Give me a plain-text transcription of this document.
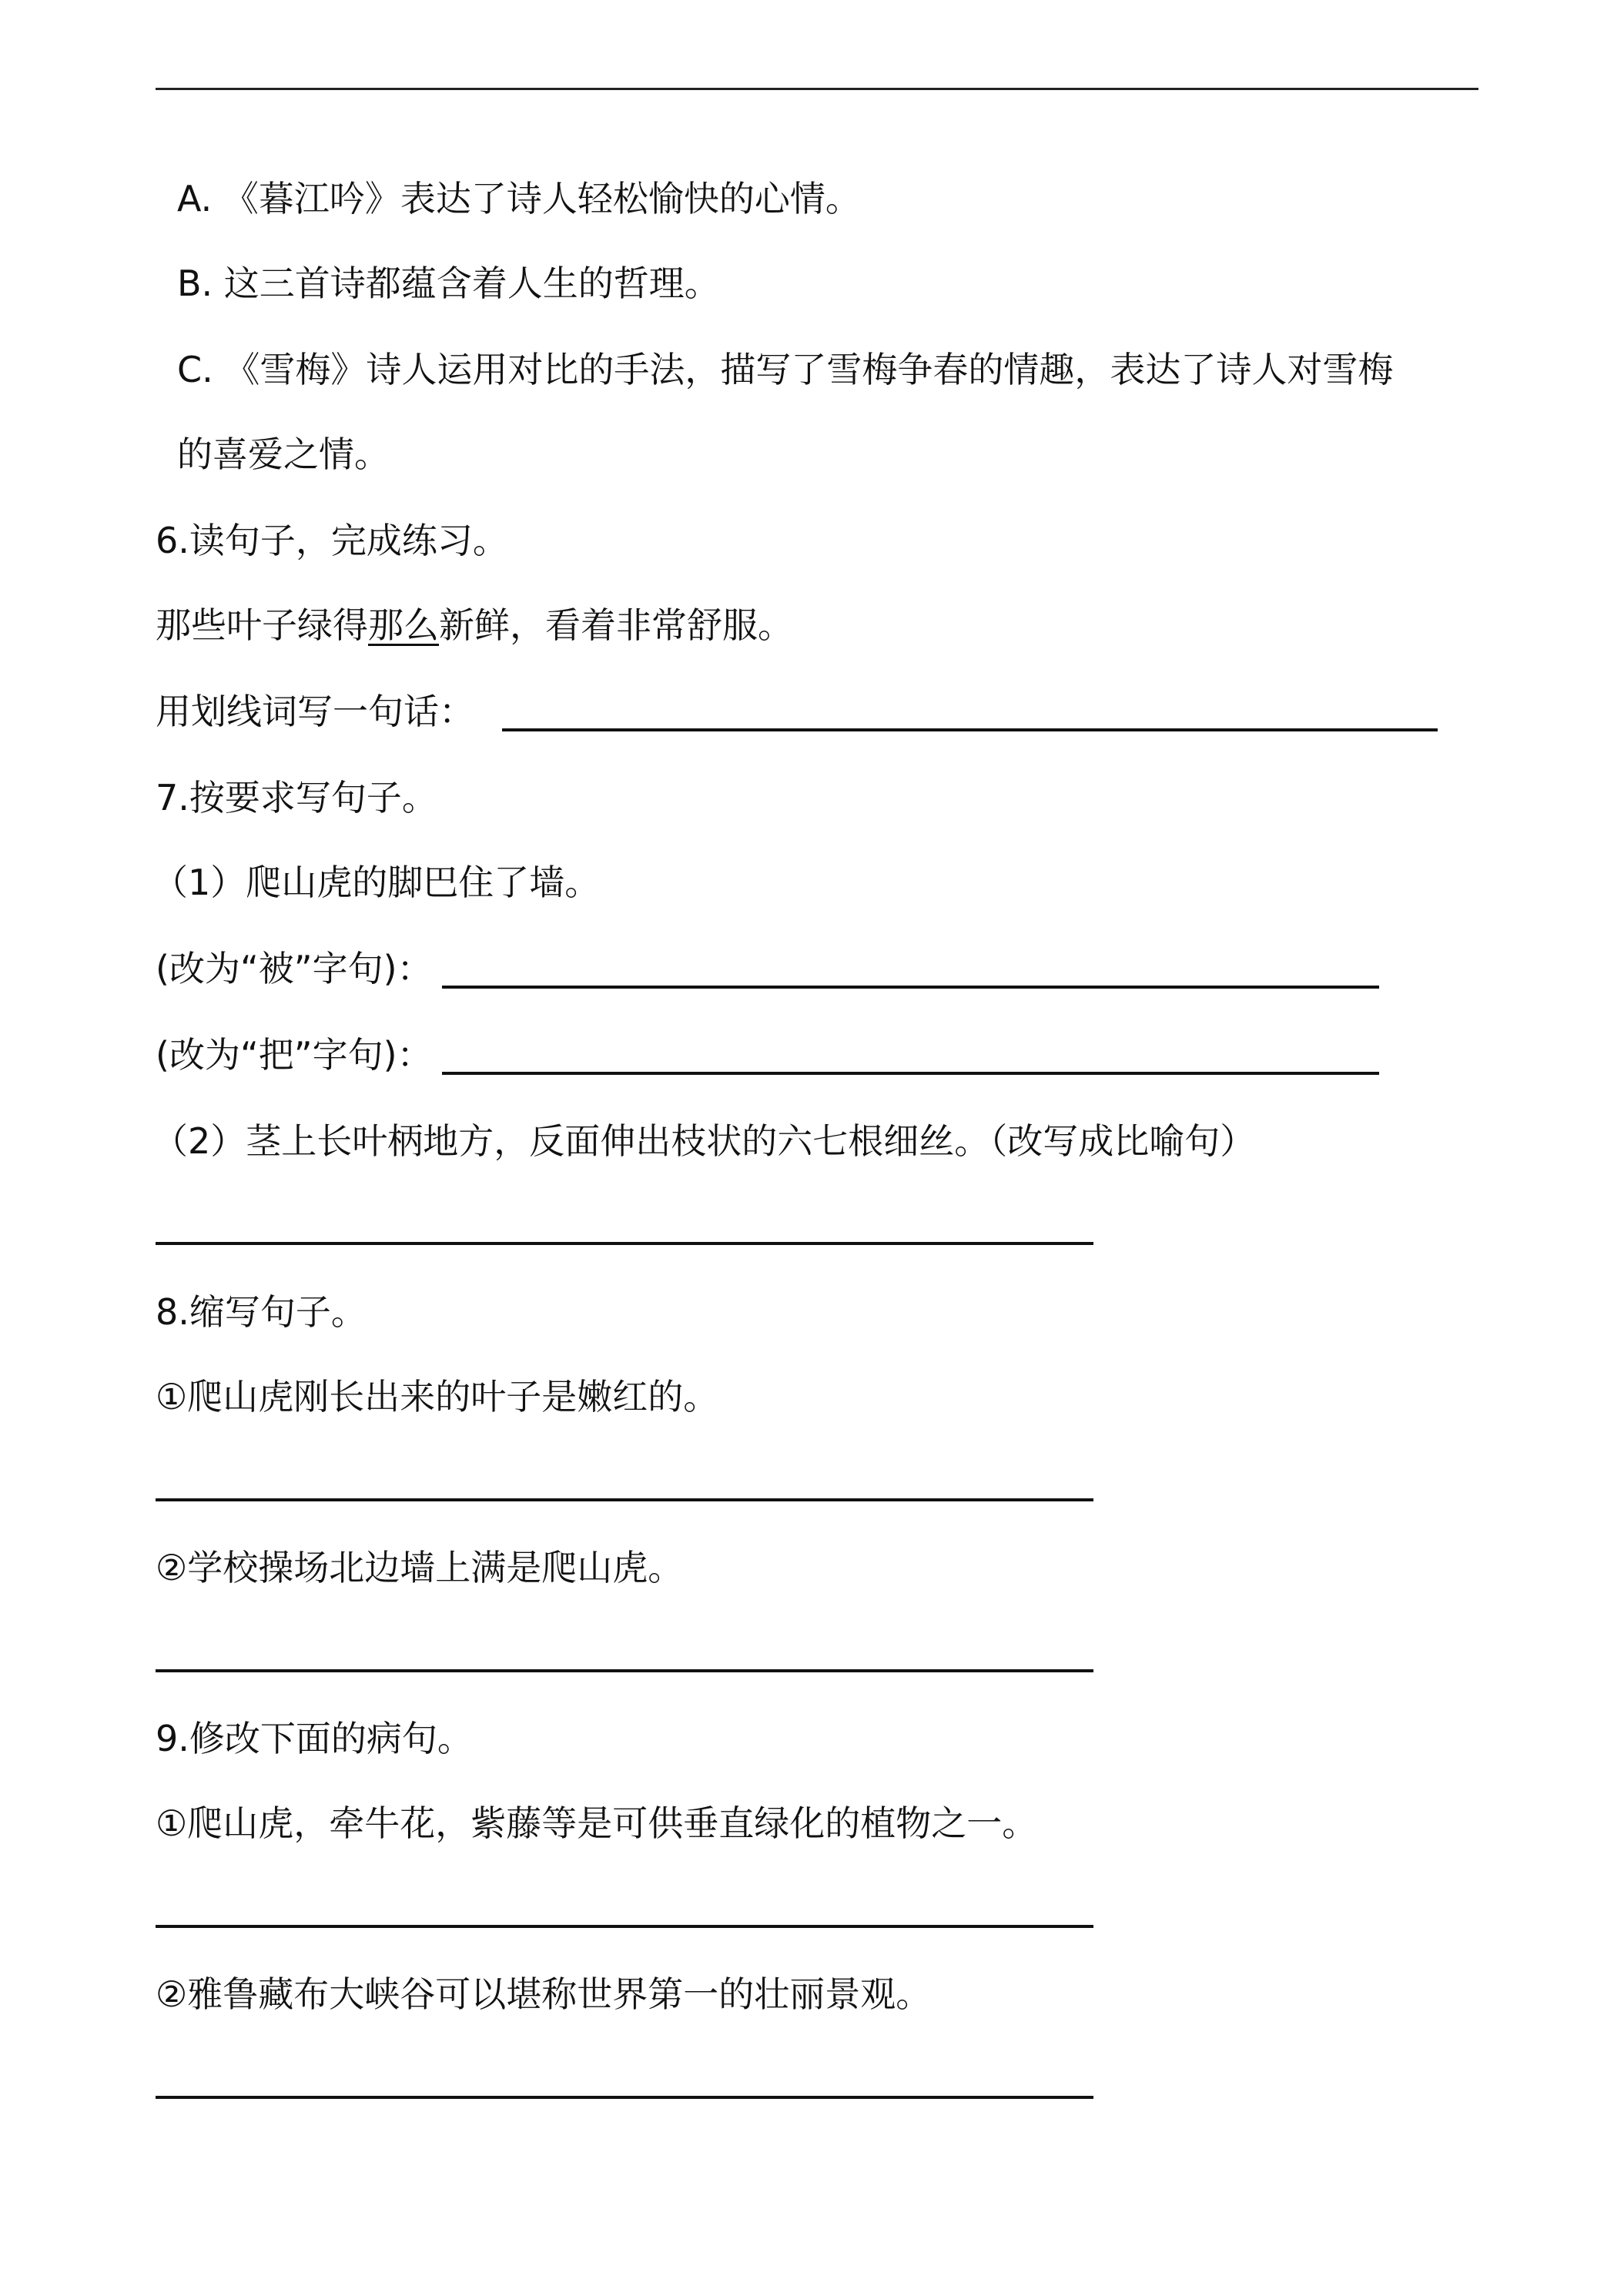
A. 《暮江吟》表达了诗人轻松愉快的心情。
B. 这三首诗都蕴含着人生的哲理。
C. 《雪梅》诗人运用对比的手法，描写了雪梅争春的情趣，表达了诗人对雪梅
的喜爱之情。
6.读句子，完成练习。
那些叶子绿得那么新鲜，看着非常舒服。
用划线词写一句话：
7.按要求写句子。
（1）爬山虎的脚巴住了墙。
(改为“被”字句)：
(改为“把”字句)：
（2）茎上长叶柄地方，反面伸出枝状的六七根细丝。（改写成比喻句）
8.缩写句子。
①爬山虎刚长出来的叶子是嫩红的。
②学校操场北边墙上满是爬山虎。
9.修改下面的病句。
①爬山虎，牵牛花，紫藤等是可供垂直绿化的植物之一。
②雅鲁藏布大峡谷可以堪称世界第一的壮丽景观。
